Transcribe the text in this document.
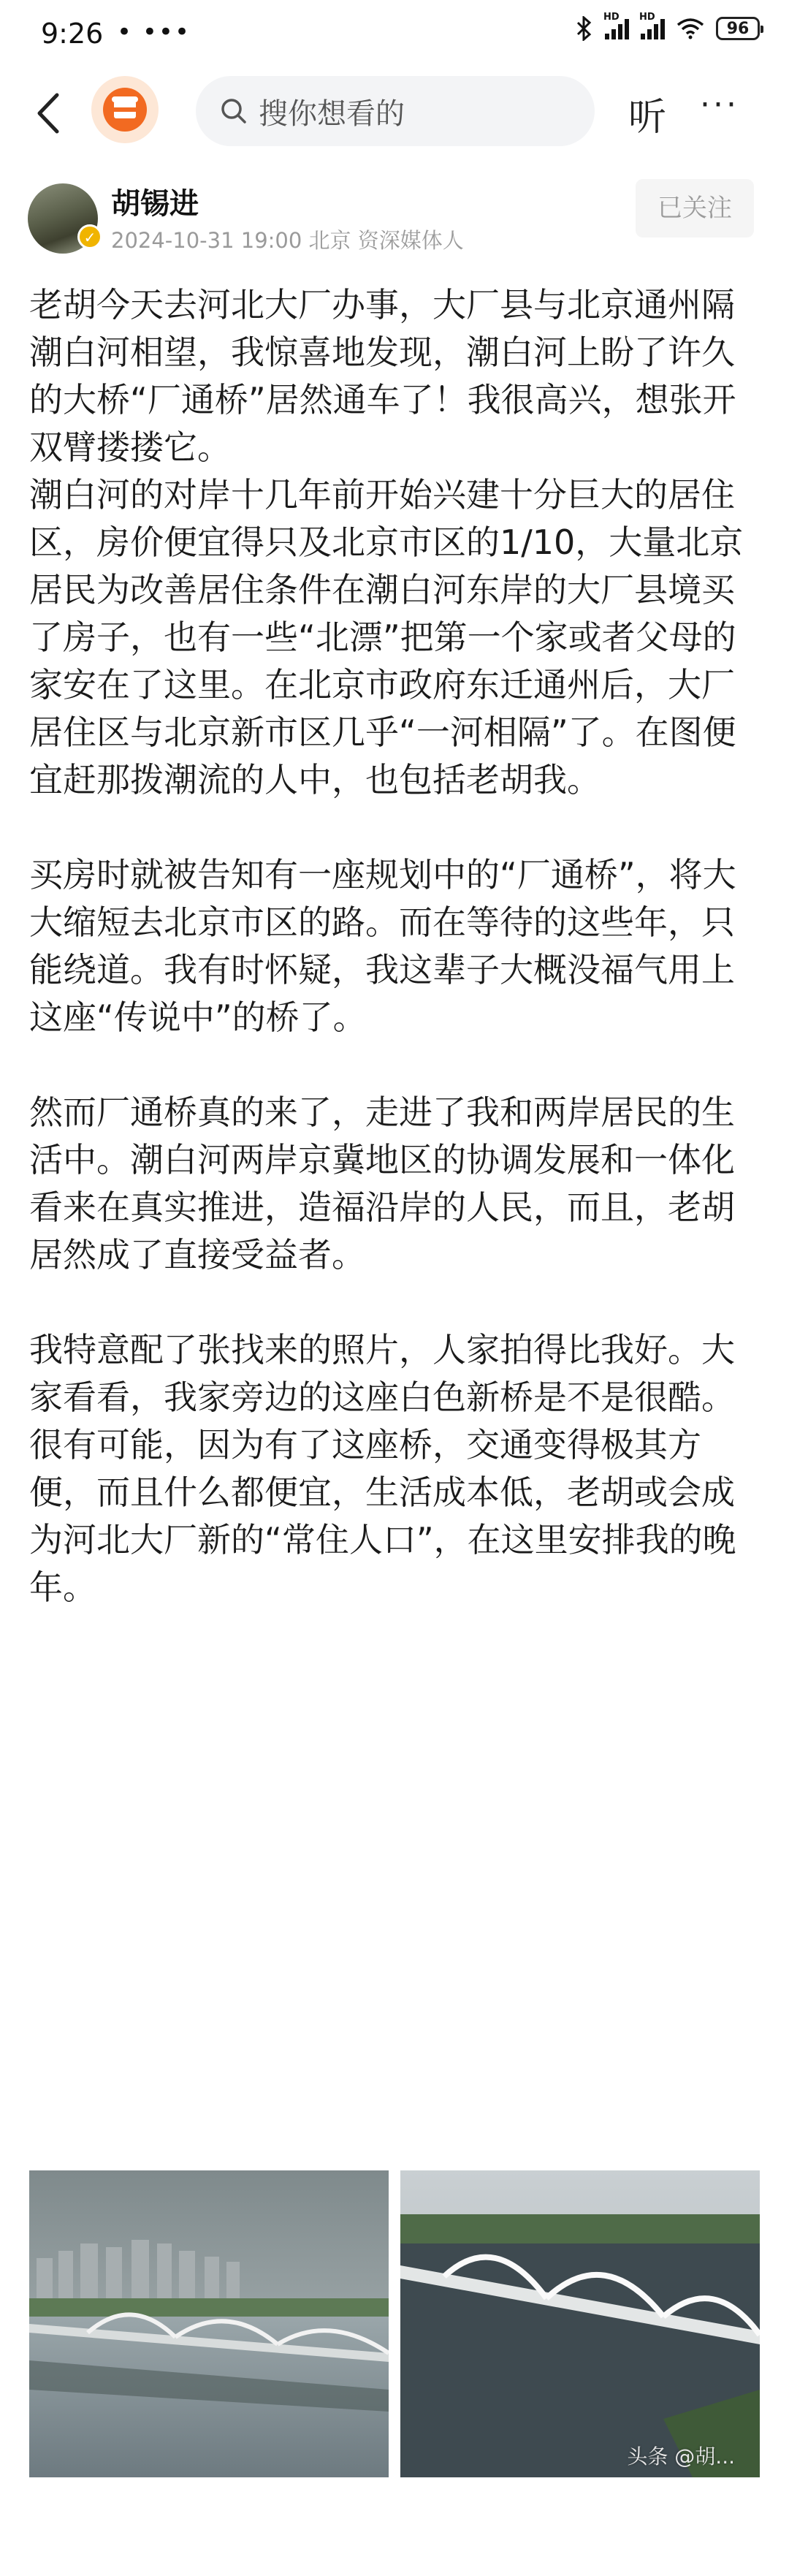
9:26 • •••
HD HD
96
搜你想看的	听 ···
✓
胡锡进
2024-10-31 19:00 北京 资深媒体人
已关注

老胡今天去河北大厂办事，大厂县与北京通州隔潮白河相望，我惊喜地发现，潮白河上盼了许久的大桥“厂通桥”居然通车了！我很高兴，想张开双臂搂搂它。

潮白河的对岸十几年前开始兴建十分巨大的居住区，房价便宜得只及北京市区的1/10，大量北京居民为改善居住条件在潮白河东岸的大厂县境买了房子，也有一些“北漂”把第一个家或者父母的家安在了这里。在北京市政府东迁通州后，大厂居住区与北京新市区几乎“一河相隔”了。在图便宜赶那拨潮流的人中，也包括老胡我。

买房时就被告知有一座规划中的“厂通桥”，将大大缩短去北京市区的路。而在等待的这些年，只能绕道。我有时怀疑，我这辈子大概没福气用上这座“传说中”的桥了。

然而厂通桥真的来了，走进了我和两岸居民的生活中。潮白河两岸京冀地区的协调发展和一体化看来在真实推进，造福沿岸的人民，而且，老胡居然成了直接受益者。

我特意配了张找来的照片，人家拍得比我好。大家看看，我家旁边的这座白色新桥是不是很酷。很有可能，因为有了这座桥，交通变得极其方便，而且什么都便宜，生活成本低，老胡或会成为河北大厂新的“常住人口”，在这里安排我的晚年。

头条 @胡...
